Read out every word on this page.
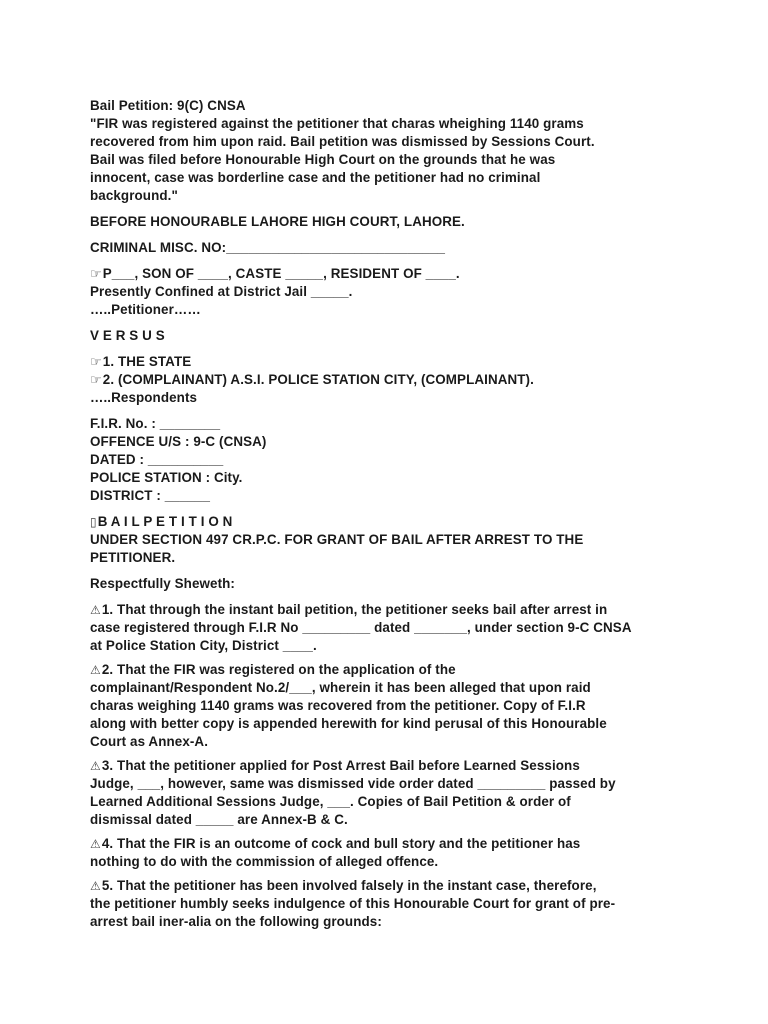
Bail Petition: 9(C) CNSA
"FIR was registered against the petitioner that charas wheighing 1140 grams
recovered from him upon raid. Bail petition was dismissed by Sessions Court.
Bail was filed before Honourable High Court on the grounds that he was
innocent, case was borderline case and the petitioner had no criminal
background."
BEFORE HONOURABLE LAHORE HIGH COURT, LAHORE.
CRIMINAL MISC. NO:_____________________________
☞P___, SON OF ____, CASTE _____, RESIDENT OF ____.
Presently Confined at District Jail _____.
…..Petitioner……
V E R S U S
☞1. THE STATE
☞2. (COMPLAINANT) A.S.I. POLICE STATION CITY, (COMPLAINANT).
…..Respondents
F.I.R. No. : ________
OFFENCE U/S : 9-C (CNSA)
DATED : __________
POLICE STATION : City.
DISTRICT : ______
▯B A I L P E T I T I O N
UNDER SECTION 497 CR.P.C. FOR GRANT OF BAIL AFTER ARREST TO THE
PETITIONER.
Respectfully Sheweth:
⚠1. That through the instant bail petition, the petitioner seeks bail after arrest in
case registered through F.I.R No _________ dated _______, under section 9-C CNSA
at Police Station City, District ____.
⚠2. That the FIR was registered on the application of the
complainant/Respondent No.2/___, wherein it has been alleged that upon raid
charas weighing 1140 grams was recovered from the petitioner. Copy of F.I.R
along with better copy is appended herewith for kind perusal of this Honourable
Court as Annex-A.
⚠3. That the petitioner applied for Post Arrest Bail before Learned Sessions
Judge, ___, however, same was dismissed vide order dated _________ passed by
Learned Additional Sessions Judge, ___. Copies of Bail Petition & order of
dismissal dated _____ are Annex-B & C.
⚠4. That the FIR is an outcome of cock and bull story and the petitioner has
nothing to do with the commission of alleged offence.
⚠5. That the petitioner has been involved falsely in the instant case, therefore,
the petitioner humbly seeks indulgence of this Honourable Court for grant of pre-
arrest bail iner-alia on the following grounds:
